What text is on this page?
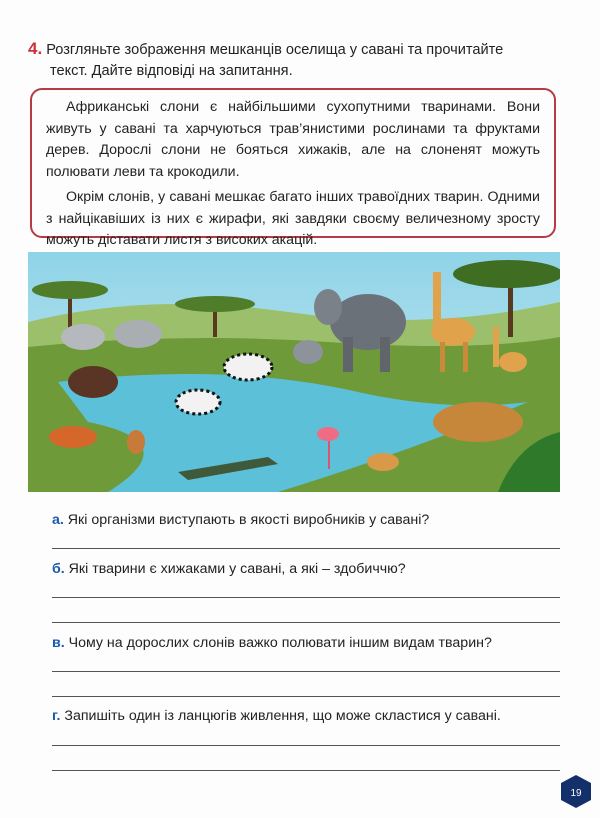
4. Розгляньте зображення мешканців оселища у савані та прочитайте
текст. Дайте відповіді на запитання.

Африканські слони є найбільшими сухопутними тваринами. Вони живуть у савані та харчуються трав’янистими рослинами та фруктами дерев. Дорослі слони не бояться хижаків, але на слоненят можуть полювати леви та крокодили.

Окрім слонів, у савані мешкає багато інших травоїдних тварин. Одними з найцікавіших із них є жирафи, які завдяки своєму величезному зросту можуть діставати листя з високих акацій.

а. Які організми виступають в якості виробників у савані?
б. Які тварини є хижаками у савані, а які – здобиччю?
в. Чому на дорослих слонів важко полювати іншим видам тварин?
г. Запишіть один із ланцюгів живлення, що може скластися у савані.
19
